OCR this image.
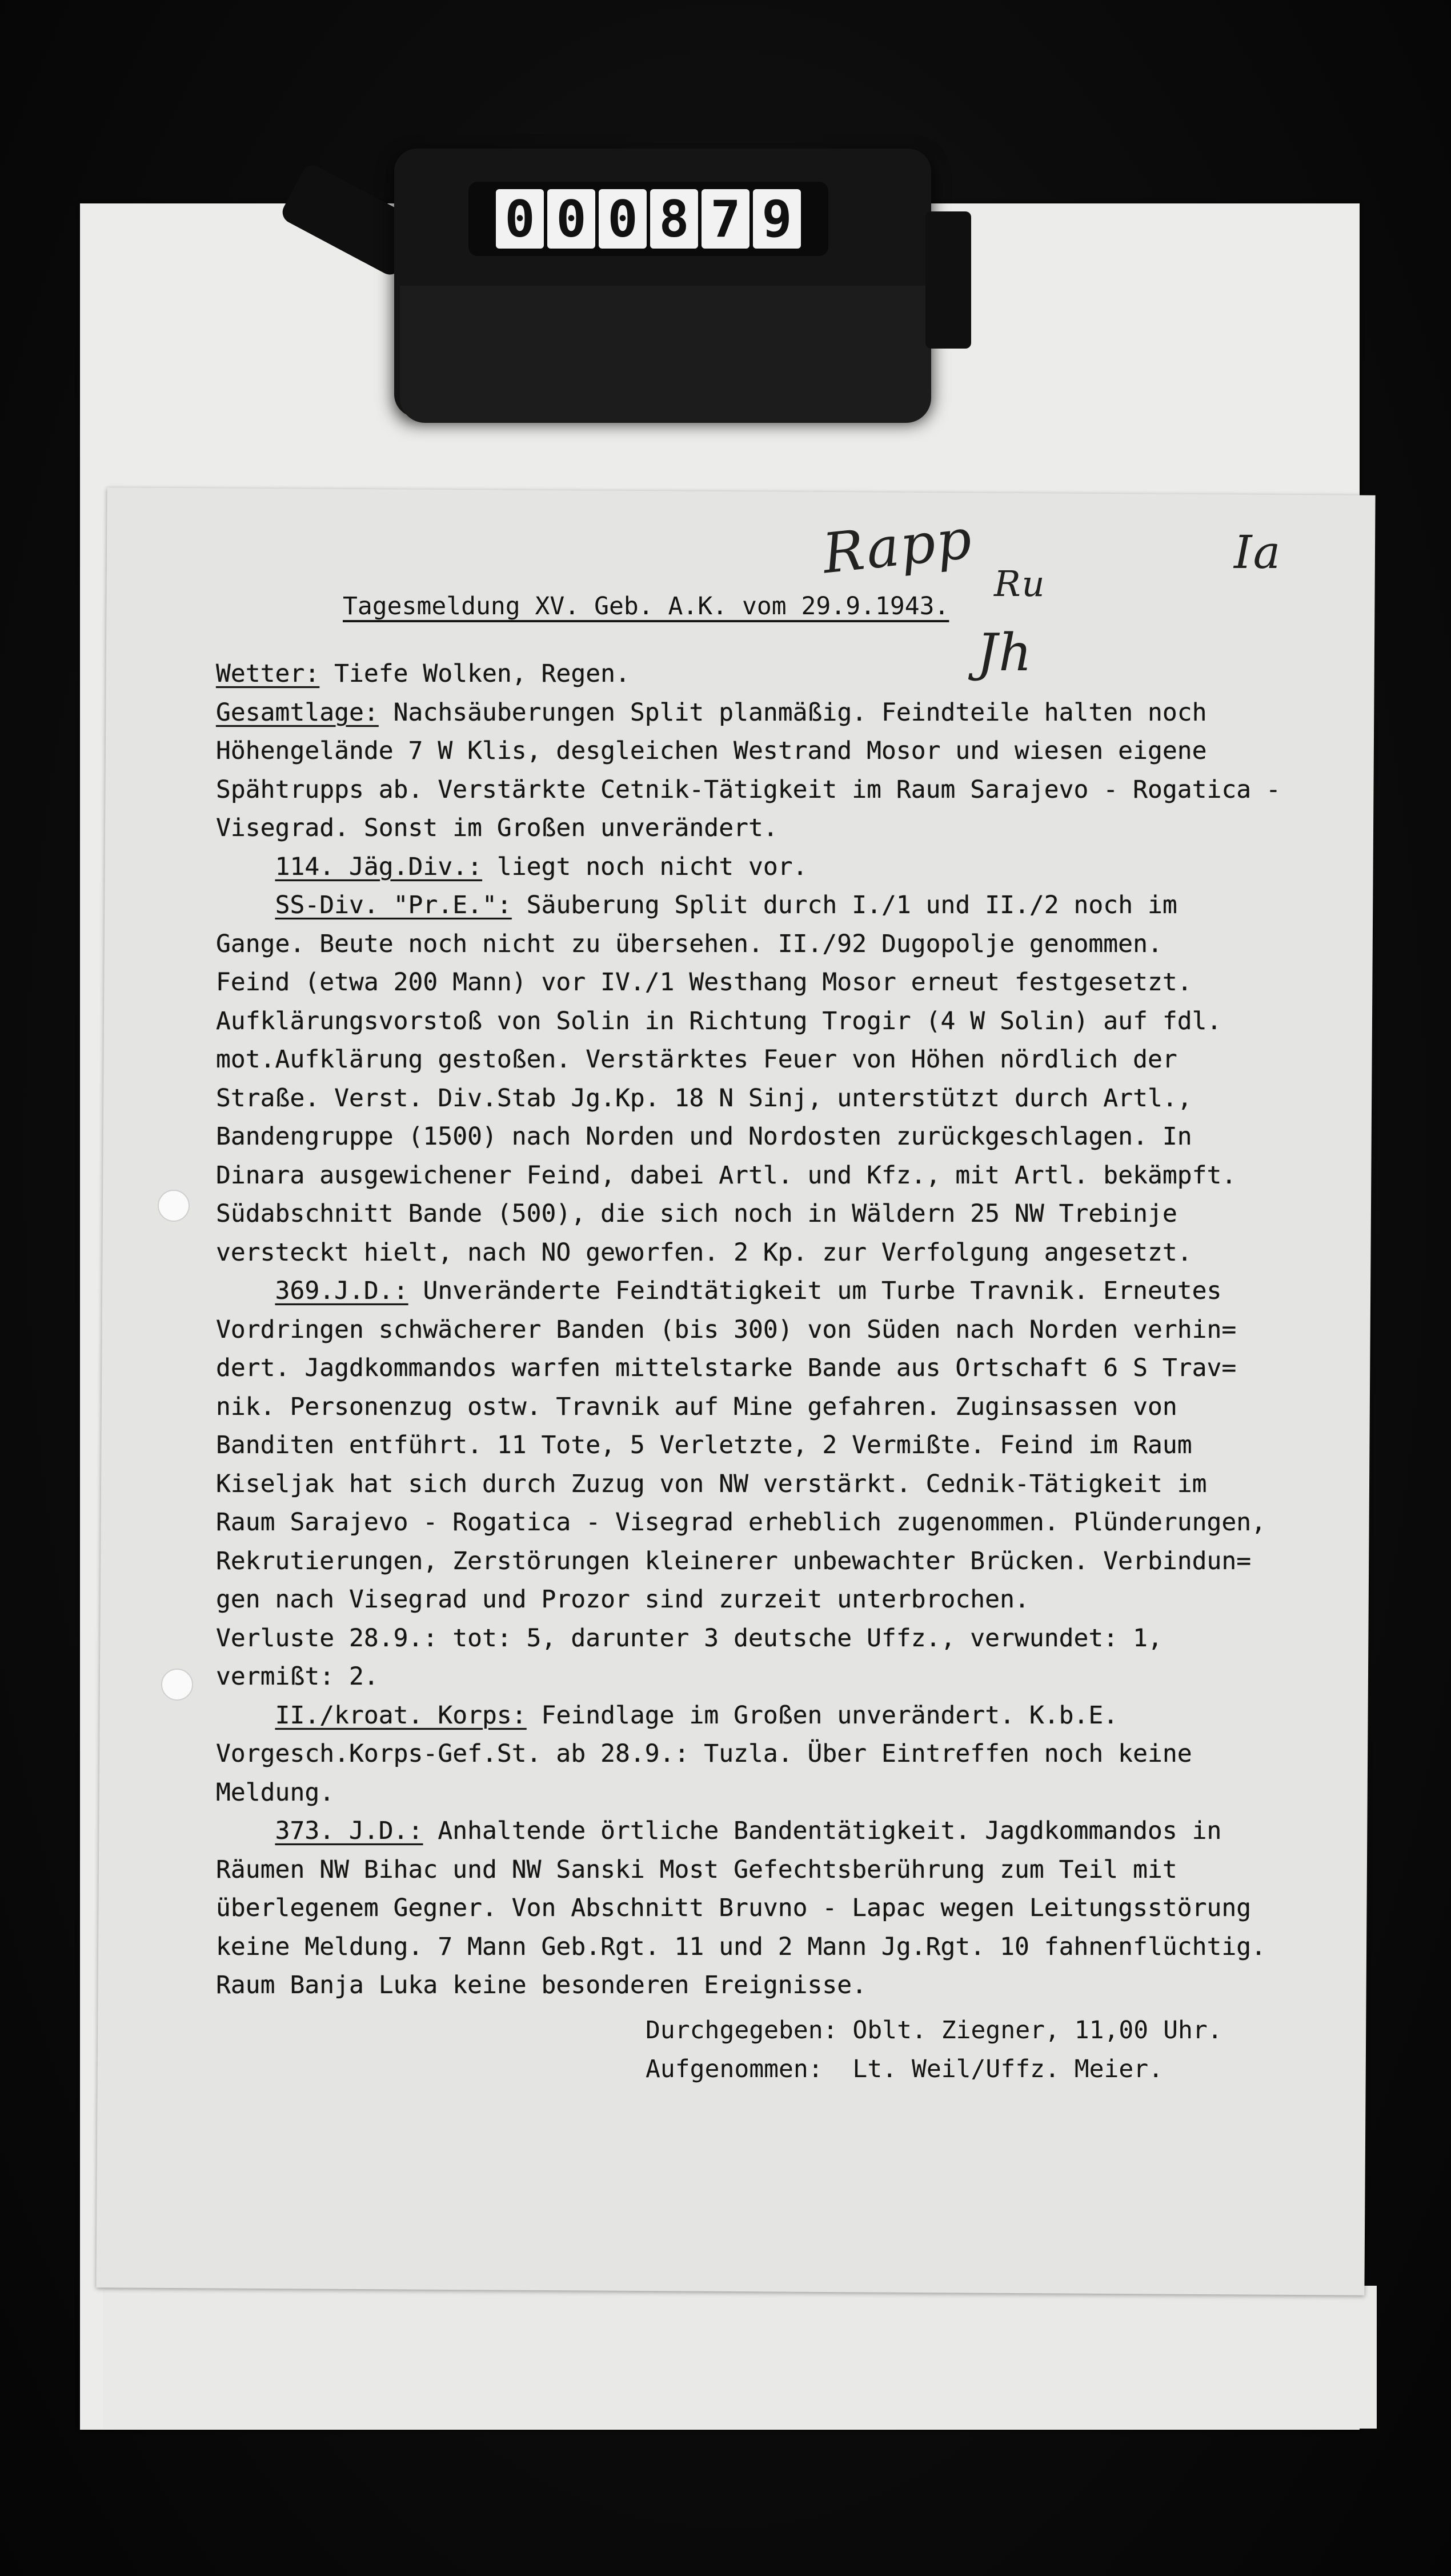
0 0 0 8 7 9
Rapp Ru
Jh
Ia
Tagesmeldung XV. Geb. A.K. vom 29.9.1943.
Wetter: Tiefe Wolken, Regen.
Gesamtlage: Nachsäuberungen Split planmäßig. Feindteile halten noch
Höhengelände 7 W Klis, desgleichen Westrand Mosor und wiesen eigene
Spähtrupps ab. Verstärkte Cetnik-Tätigkeit im Raum Sarajevo - Rogatica -
Visegrad. Sonst im Großen unverändert.
114. Jäg.Div.: liegt noch nicht vor.
SS-Div. "Pr.E.": Säuberung Split durch I./1 und II./2 noch im
Gange. Beute noch nicht zu übersehen. II./92 Dugopolje genommen.
Feind (etwa 200 Mann) vor IV./1 Westhang Mosor erneut festgesetzt.
Aufklärungsvorstoß von Solin in Richtung Trogir (4 W Solin) auf fdl.
mot.Aufklärung gestoßen. Verstärktes Feuer von Höhen nördlich der
Straße. Verst. Div.Stab Jg.Kp. 18 N Sinj, unterstützt durch Artl.,
Bandengruppe (1500) nach Norden und Nordosten zurückgeschlagen. In
Dinara ausgewichener Feind, dabei Artl. und Kfz., mit Artl. bekämpft.
Südabschnitt Bande (500), die sich noch in Wäldern 25 NW Trebinje
versteckt hielt, nach NO geworfen. 2 Kp. zur Verfolgung angesetzt.
369.J.D.: Unveränderte Feindtätigkeit um Turbe Travnik. Erneutes
Vordringen schwächerer Banden (bis 300) von Süden nach Norden verhin=
dert. Jagdkommandos warfen mittelstarke Bande aus Ortschaft 6 S Trav=
nik. Personenzug ostw. Travnik auf Mine gefahren. Zuginsassen von
Banditen entführt. 11 Tote, 5 Verletzte, 2 Vermißte. Feind im Raum
Kiseljak hat sich durch Zuzug von NW verstärkt. Cednik-Tätigkeit im
Raum Sarajevo - Rogatica - Visegrad erheblich zugenommen. Plünderungen,
Rekrutierungen, Zerstörungen kleinerer unbewachter Brücken. Verbindun=
gen nach Visegrad und Prozor sind zurzeit unterbrochen.
Verluste 28.9.: tot: 5, darunter 3 deutsche Uffz., verwundet: 1,
vermißt: 2.
II./kroat. Korps: Feindlage im Großen unverändert. K.b.E.
Vorgesch.Korps-Gef.St. ab 28.9.: Tuzla. Über Eintreffen noch keine
Meldung.
373. J.D.: Anhaltende örtliche Bandentätigkeit. Jagdkommandos in
Räumen NW Bihac und NW Sanski Most Gefechtsberührung zum Teil mit
überlegenem Gegner. Von Abschnitt Bruvno - Lapac wegen Leitungsstörung
keine Meldung. 7 Mann Geb.Rgt. 11 und 2 Mann Jg.Rgt. 10 fahnenflüchtig.
Raum Banja Luka keine besonderen Ereignisse.
Durchgegeben: Oblt. Ziegner, 11,00 Uhr.
Aufgenommen:  Lt. Weil/Uffz. Meier.
